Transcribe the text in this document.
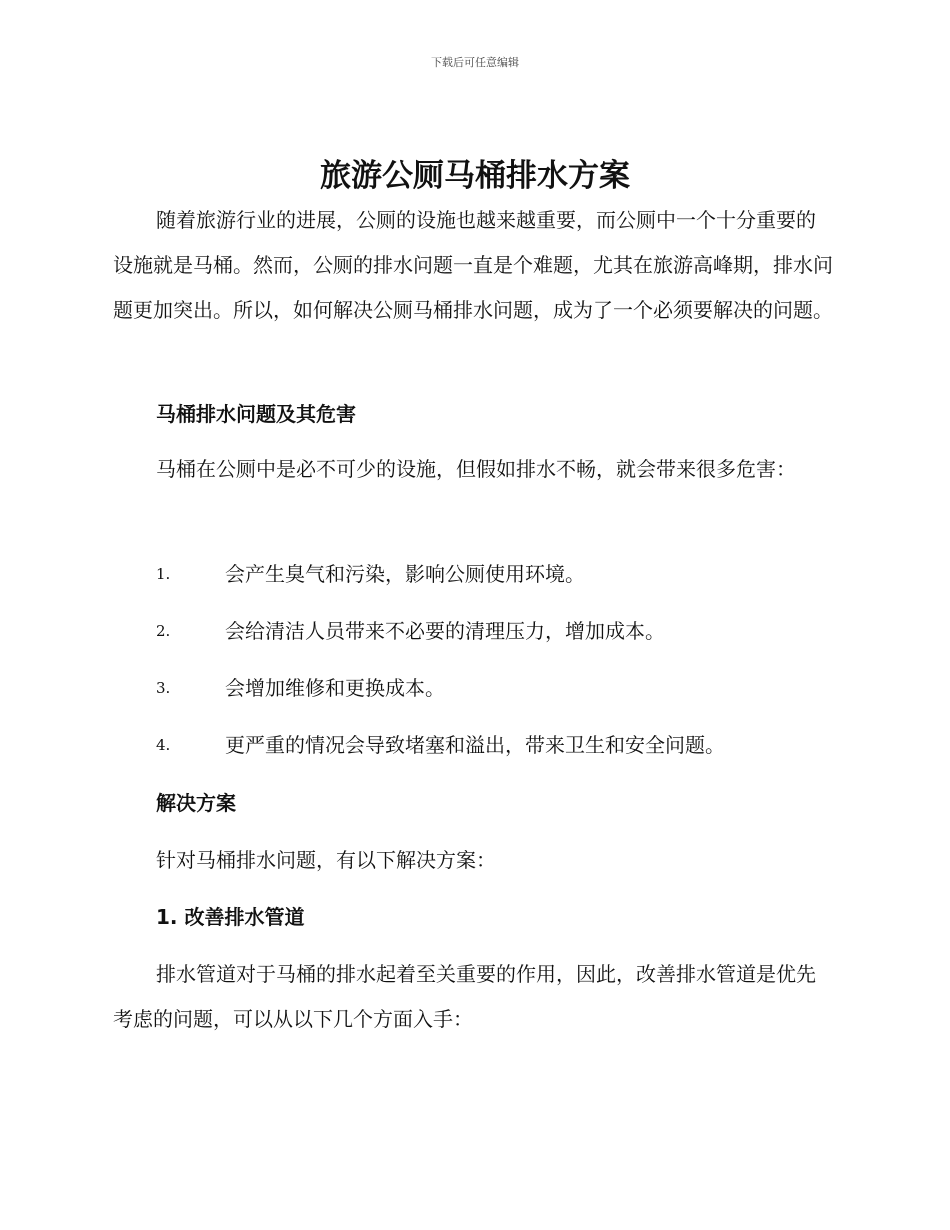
下载后可任意编辑
旅游公厕马桶排水方案
随着旅游行业的进展，公厕的设施也越来越重要，而公厕中一个十分重要的设施就是马桶。然而，公厕的排水问题一直是个难题，尤其在旅游高峰期，排水问题更加突出。所以，如何解决公厕马桶排水问题，成为了一个必须要解决的问题。
马桶排水问题及其危害
马桶在公厕中是必不可少的设施，但假如排水不畅，就会带来很多危害：
1.	会产生臭气和污染，影响公厕使用环境。
2.	会给清洁人员带来不必要的清理压力，增加成本。
3.	会增加维修和更换成本。
4.	更严重的情况会导致堵塞和溢出，带来卫生和安全问题。
解决方案
针对马桶排水问题，有以下解决方案：
1. 改善排水管道
排水管道对于马桶的排水起着至关重要的作用，因此，改善排水管道是优先考虑的问题，可以从以下几个方面入手：
